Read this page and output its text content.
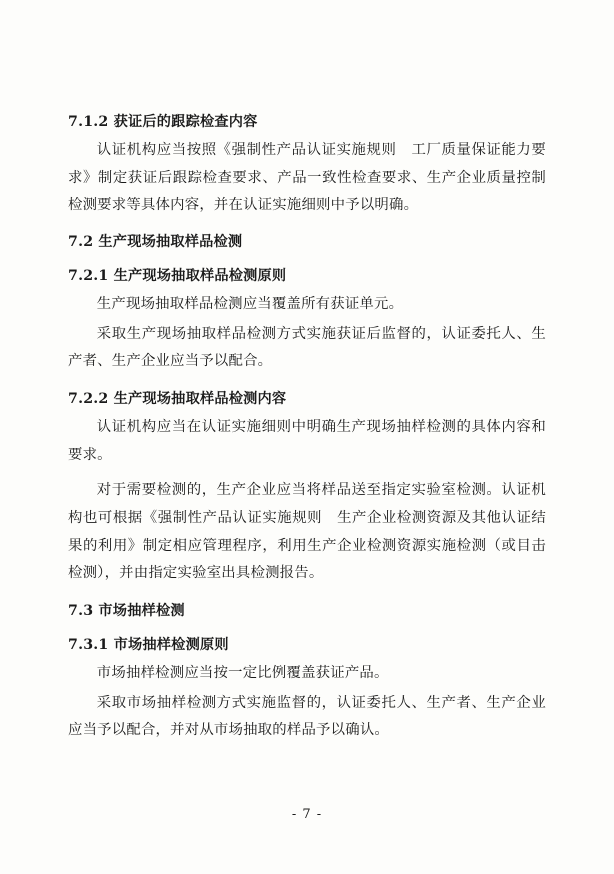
7.1.2 获证后的跟踪检查内容
认证机构应当按照《强制性产品认证实施规则　工厂质量保证能力要求》制定获证后跟踪检查要求、产品一致性检查要求、生产企业质量控制检测要求等具体内容，并在认证实施细则中予以明确。
7.2 生产现场抽取样品检测
7.2.1 生产现场抽取样品检测原则
生产现场抽取样品检测应当覆盖所有获证单元。
采取生产现场抽取样品检测方式实施获证后监督的，认证委托人、生产者、生产企业应当予以配合。
7.2.2 生产现场抽取样品检测内容
认证机构应当在认证实施细则中明确生产现场抽样检测的具体内容和要求。
对于需要检测的，生产企业应当将样品送至指定实验室检测。认证机构也可根据《强制性产品认证实施规则　生产企业检测资源及其他认证结果的利用》制定相应管理程序，利用生产企业检测资源实施检测（或目击检测），并由指定实验室出具检测报告。
7.3 市场抽样检测
7.3.1 市场抽样检测原则
市场抽样检测应当按一定比例覆盖获证产品。
采取市场抽样检测方式实施监督的，认证委托人、生产者、生产企业应当予以配合，并对从市场抽取的样品予以确认。
- 7 -
